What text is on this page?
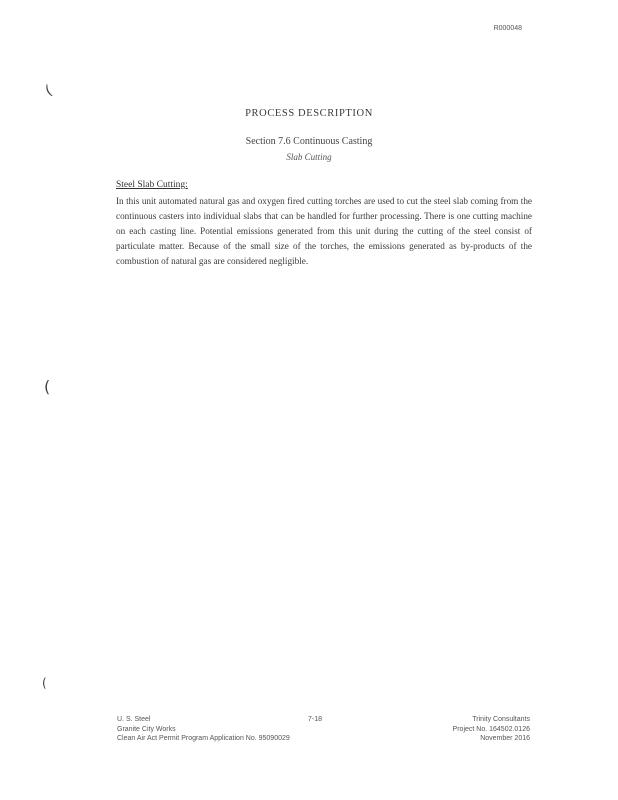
R000048
(
(
(
PROCESS DESCRIPTION
Section 7.6 Continuous Casting
Slab Cutting
Steel Slab Cutting:

In this unit automated natural gas and oxygen fired cutting torches are used to cut the steel slab coming from the continuous casters into individual slabs that can be handled for further processing. There is one cutting machine on each casting line. Potential emissions generated from this unit during the cutting of the steel consist of particulate matter. Because of the small size of the torches, the emissions generated as by-products of the combustion of natural gas are considered negligible.

U. S. Steel
Granite City Works
Clean Air Act Permit Program Application No. 95090029
7-18	Trinity Consultants
Project No. 164502.0126
November 2016
